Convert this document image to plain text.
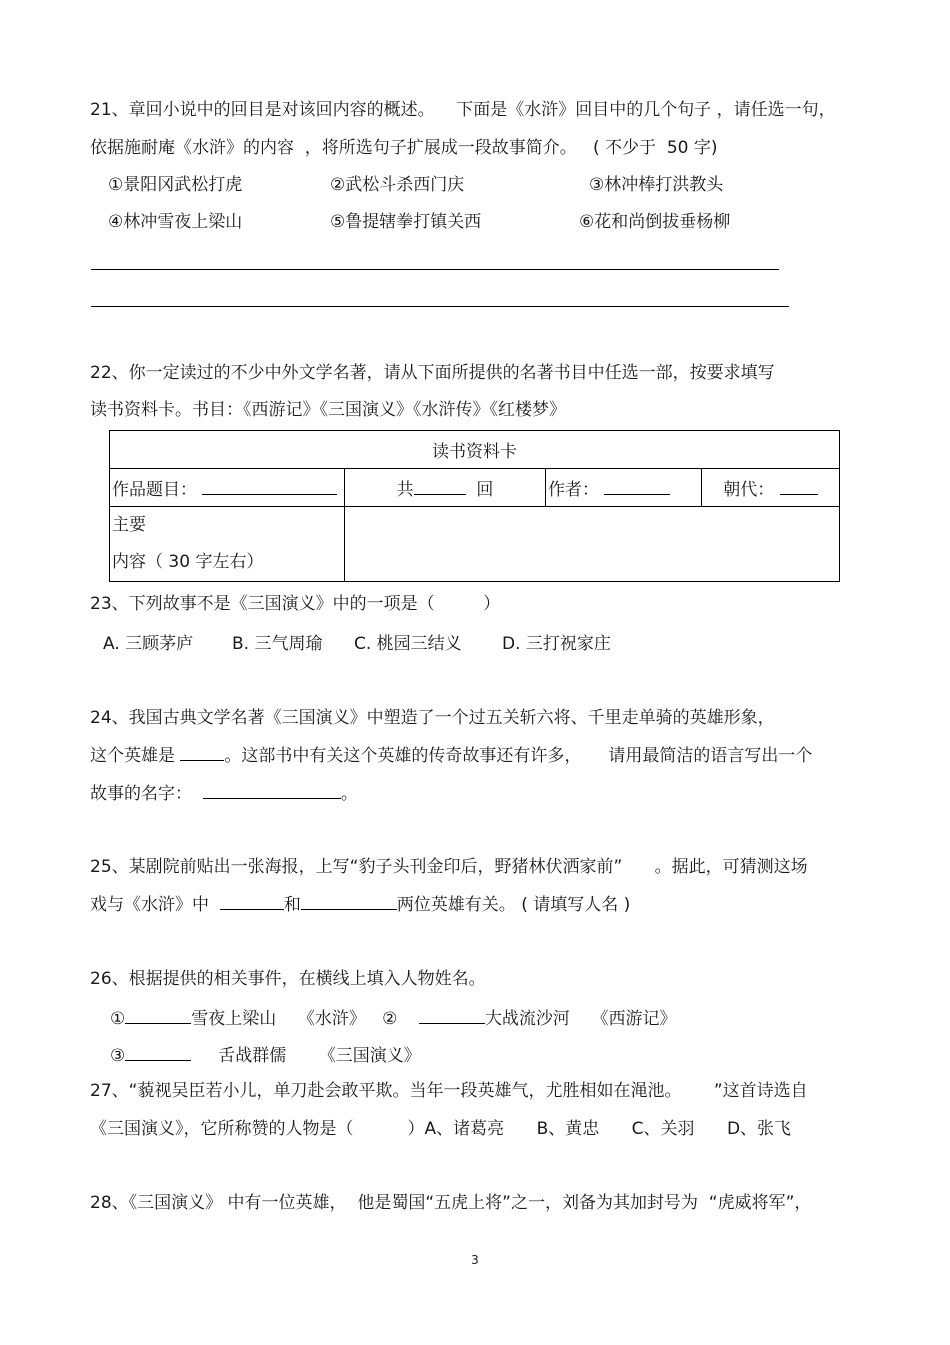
21、章回小说中的回目是对该回内容的概述。    下面是《水浒》回目中的几个句子 ，请任选一句，
依据施耐庵《水浒》的内容  ，将所选句子扩展成一段故事简介。   ( 不少于  50 字)
①景阳冈武松打虎	②武松斗杀西门庆	③林冲棒打洪教头
④林冲雪夜上梁山	⑤鲁提辖拳打镇关西	⑥花和尚倒拔垂杨柳
22、你一定读过的不少中外文学名著，请从下面所提供的名著书目中任选一部，按要求填写
读书资料卡。书目：《西游记》《三国演义》《水浒传》《红楼梦》
读书资料卡			
作品题目：	共 回	作者：	朝代：

主要
内容（ 30 字左右）			

23、下列故事不是《三国演义》中的一项是（         ）
A. 三顾茅庐 B. 三气周瑜 C. 桃园三结义 D. 三打祝家庄
24、我国古典文学名著《三国演义》中塑造了一个过五关斩六将、千里走单骑的英雄形象，
这个英雄是	。这部书中有关这个英雄的传奇故事还有许多，     请用最简洁的语言写出一个
故事的名字：	。
25、某剧院前贴出一张海报，上写“豹子头刊金印后，野猪林伏洒家前”      。据此，可猜测这场
戏与《水浒》中	和	两位英雄有关。 ( 请填写人名 )
26、根据提供的相关事件，在横线上填入人物姓名。
①	雪夜上梁山    《水浒》   ②	大战流沙河    《西游记》
③	舌战群儒      《三国演义》
27、“藐视吴臣若小儿，单刀赴会敢平欺。当年一段英雄气，尤胜相如在渑池。      ”这首诗选自
《三国演义》，它所称赞的人物是（          ）A、诸葛亮      B、黄忠      C、关羽      D、张飞
28、《三国演义》 中有一位英雄，  他是蜀国“五虎上将”之一，刘备为其加封号为  “虎威将军”，
3
